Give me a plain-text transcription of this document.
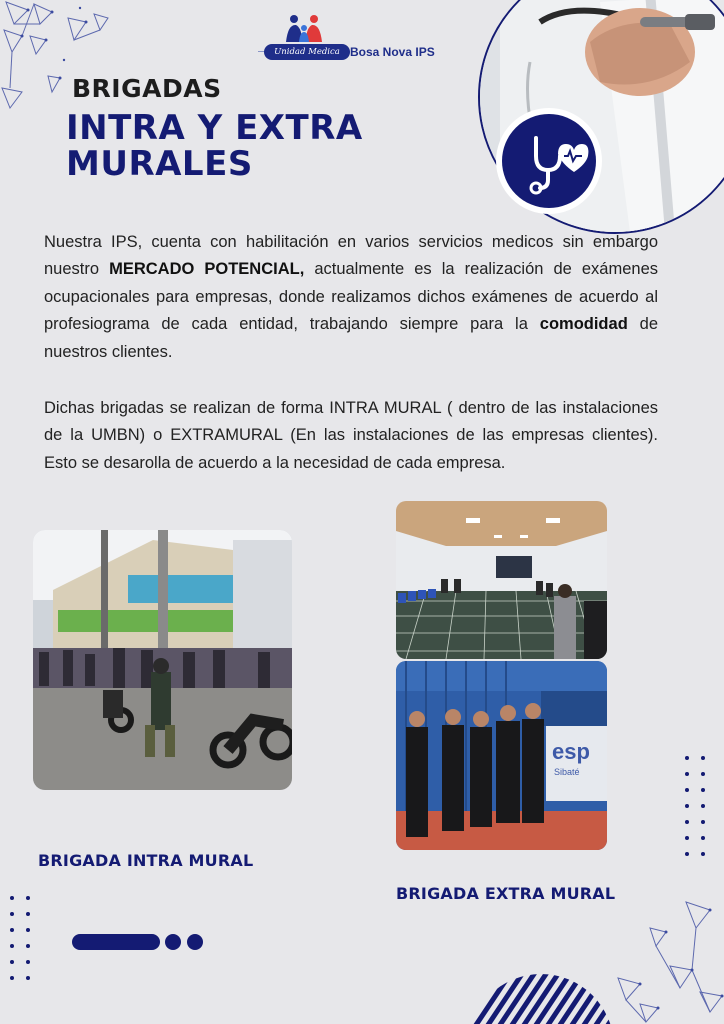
Unidad Medica Bosa Nova IPS
BRIGADAS
INTRA Y EXTRA
MURALES
Nuestra IPS, cuenta con habilitación en varios servicios medicos sin embargo nuestro MERCADO POTENCIAL, actualmente es la realización de exámenes ocupacionales para empresas, donde realizamos dichos exámenes de acuerdo al profesiograma de cada entidad, trabajando siempre para la comodidad de nuestros clientes.
Dichas brigadas se realizan de forma INTRA MURAL ( dentro de las instalaciones de la UMBN) o EXTRAMURAL (En las instalaciones de las empresas clientes). Esto se desarolla de acuerdo a la necesidad de cada empresa.
esp
Sibaté
BRIGADA INTRA MURAL
BRIGADA EXTRA MURAL
